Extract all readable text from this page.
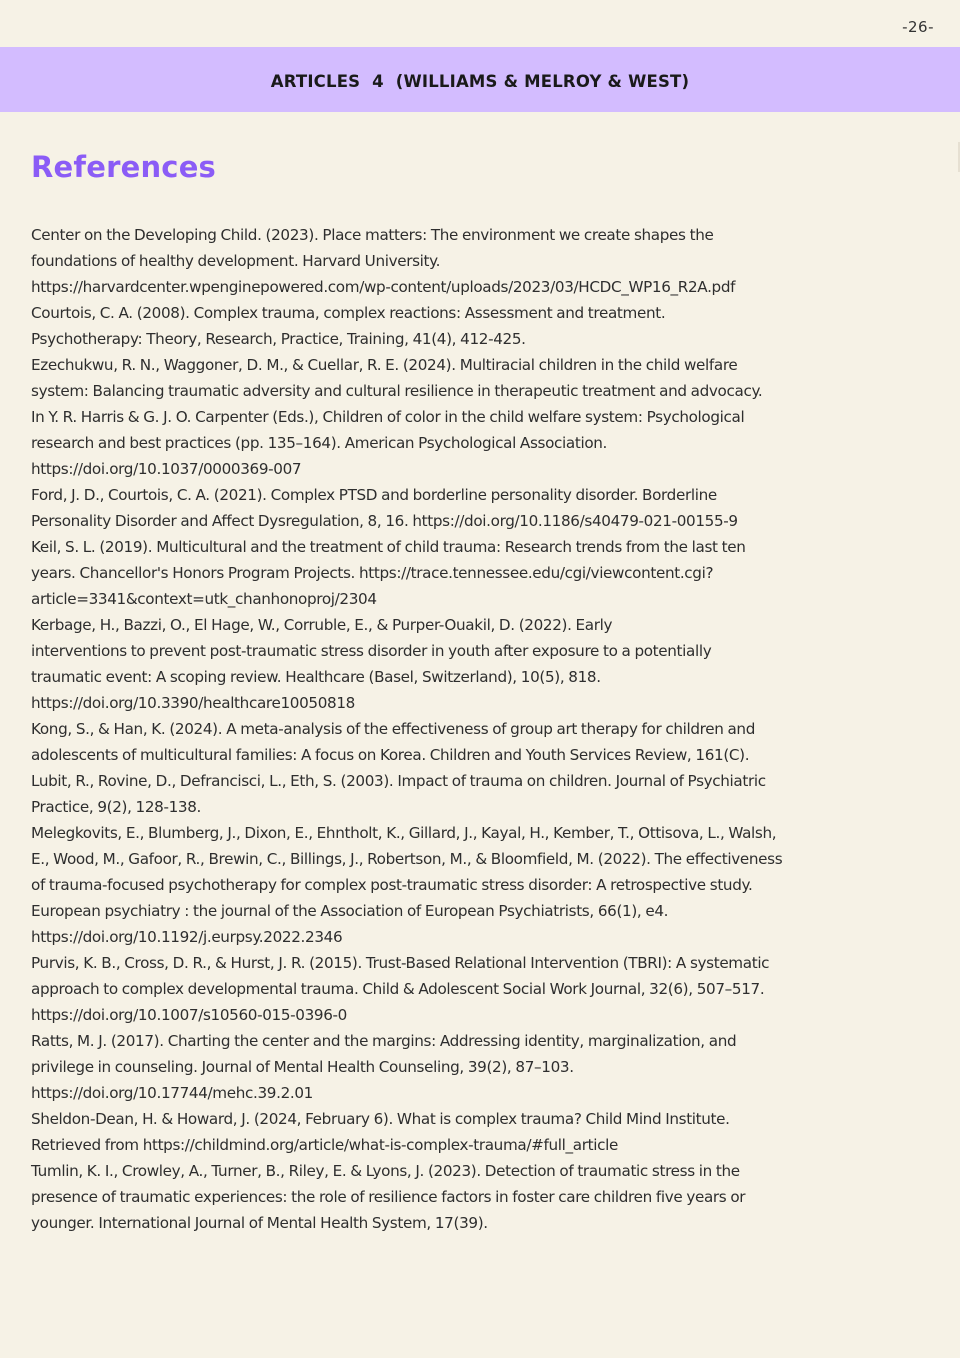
-26-
ARTICLES  4  (WILLIAMS & MELROY & WEST)
References
Center on the Developing Child. (2023). Place matters: The environment we create shapes the
foundations of healthy development. Harvard University.
https://harvardcenter.wpenginepowered.com/wp-content/uploads/2023/03/HCDC_WP16_R2A.pdf
Courtois, C. A. (2008). Complex trauma, complex reactions: Assessment and treatment.
Psychotherapy: Theory, Research, Practice, Training, 41(4), 412-425.
Ezechukwu, R. N., Waggoner, D. M., & Cuellar, R. E. (2024). Multiracial children in the child welfare
system: Balancing traumatic adversity and cultural resilience in therapeutic treatment and advocacy.
In Y. R. Harris & G. J. O. Carpenter (Eds.), Children of color in the child welfare system: Psychological
research and best practices (pp. 135–164). American Psychological Association.
https://doi.org/10.1037/0000369-007
Ford, J. D., Courtois, C. A. (2021). Complex PTSD and borderline personality disorder. Borderline
Personality Disorder and Affect Dysregulation, 8, 16. https://doi.org/10.1186/s40479-021-00155-9
Keil, S. L. (2019). Multicultural and the treatment of child trauma: Research trends from the last ten
years. Chancellor's Honors Program Projects. https://trace.tennessee.edu/cgi/viewcontent.cgi?
article=3341&context=utk_chanhonoproj/2304
Kerbage, H., Bazzi, O., El Hage, W., Corruble, E., & Purper-Ouakil, D. (2022). Early
interventions to prevent post-traumatic stress disorder in youth after exposure to a potentially
traumatic event: A scoping review. Healthcare (Basel, Switzerland), 10(5), 818.
https://doi.org/10.3390/healthcare10050818
Kong, S., & Han, K. (2024). A meta-analysis of the effectiveness of group art therapy for children and
adolescents of multicultural families: A focus on Korea. Children and Youth Services Review, 161(C).
Lubit, R., Rovine, D., Defrancisci, L., Eth, S. (2003). Impact of trauma on children. Journal of Psychiatric
Practice, 9(2), 128-138.
Melegkovits, E., Blumberg, J., Dixon, E., Ehntholt, K., Gillard, J., Kayal, H., Kember, T., Ottisova, L., Walsh,
E., Wood, M., Gafoor, R., Brewin, C., Billings, J., Robertson, M., & Bloomfield, M. (2022). The effectiveness
of trauma-focused psychotherapy for complex post-traumatic stress disorder: A retrospective study.
European psychiatry : the journal of the Association of European Psychiatrists, 66(1), e4.
https://doi.org/10.1192/j.eurpsy.2022.2346
Purvis, K. B., Cross, D. R., & Hurst, J. R. (2015). Trust-Based Relational Intervention (TBRI): A systematic
approach to complex developmental trauma. Child & Adolescent Social Work Journal, 32(6), 507–517.
https://doi.org/10.1007/s10560-015-0396-0
Ratts, M. J. (2017). Charting the center and the margins: Addressing identity, marginalization, and
privilege in counseling. Journal of Mental Health Counseling, 39(2), 87–103.
https://doi.org/10.17744/mehc.39.2.01
Sheldon-Dean, H. & Howard, J. (2024, February 6). What is complex trauma? Child Mind Institute.
Retrieved from https://childmind.org/article/what-is-complex-trauma/#full_article
Tumlin, K. I., Crowley, A., Turner, B., Riley, E. & Lyons, J. (2023). Detection of traumatic stress in the
presence of traumatic experiences: the role of resilience factors in foster care children five years or
younger. International Journal of Mental Health System, 17(39).
